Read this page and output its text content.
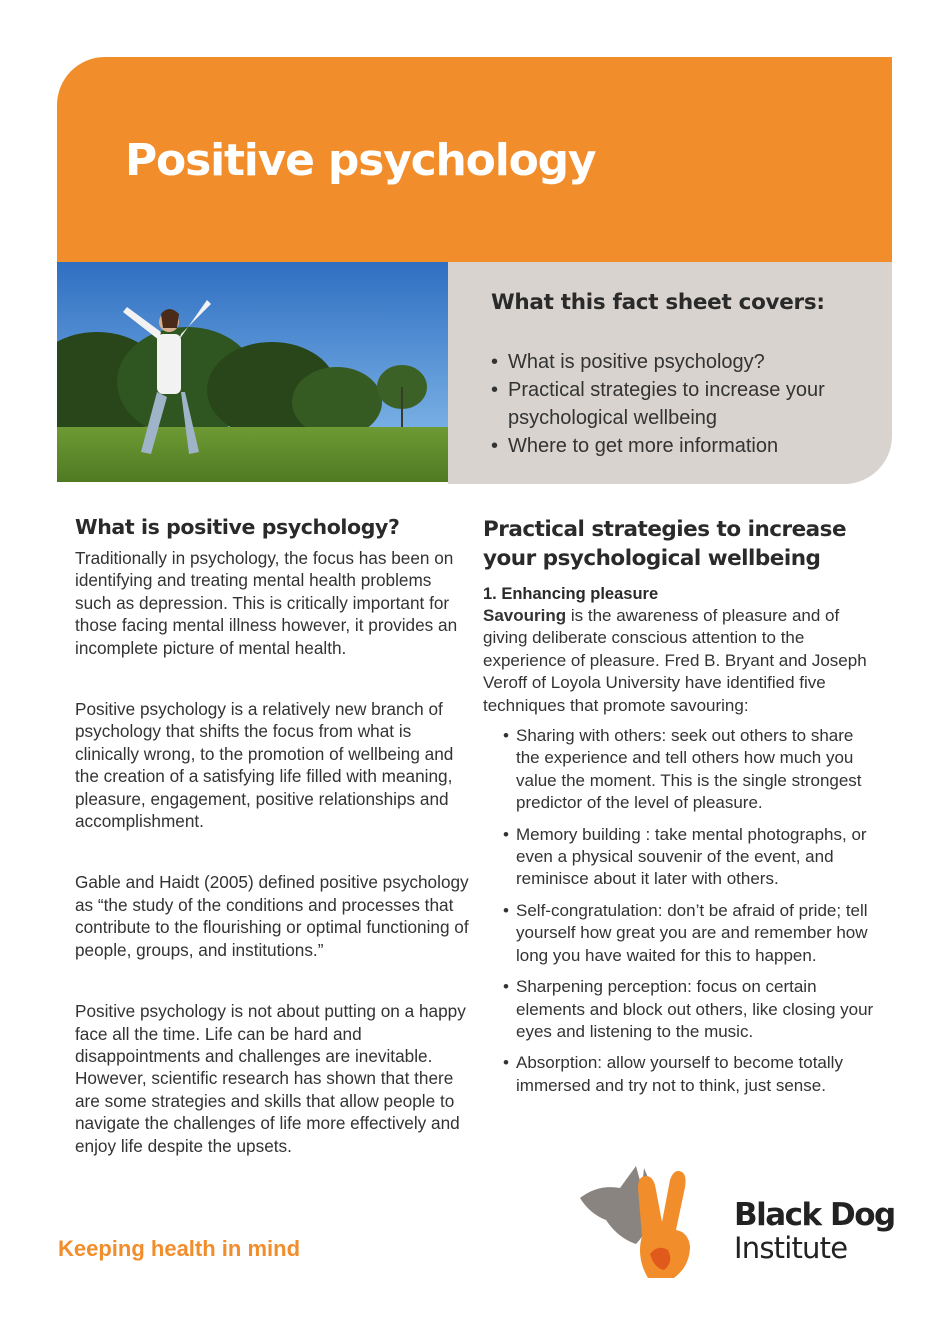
Positive psychology
What this fact sheet covers:
• What is positive psychology?
• Practical strategies to increase your psychological wellbeing
• Where to get more information
What is positive psychology?

Traditionally in psychology, the focus has been on identifying and treating mental health problems such as depression. This is critically important for those facing mental illness however, it provides an incomplete picture of mental health.

Positive psychology is a relatively new branch of psychology that shifts the focus from what is clinically wrong, to the promotion of wellbeing and the creation of a satisfying life filled with meaning, pleasure, engagement, positive relationships and accomplishment.

Gable and Haidt (2005) defined positive psychology as “the study of the conditions and processes that contribute to the flourishing or optimal functioning of people, groups, and institutions.”

Positive psychology is not about putting on a happy face all the time. Life can be hard and disappointments and challenges are inevitable. However, scientific research has shown that there are some strategies and skills that allow people to navigate the challenges of life more effectively and enjoy life despite the upsets.

Practical strategies to increase your psychological wellbeing
1. Enhancing pleasure

Savouring is the awareness of pleasure and of giving deliberate conscious attention to the experience of pleasure. Fred B. Bryant and Joseph Veroff of Loyola University have identified five techniques that promote savouring:

• Sharing with others: seek out others to share the experience and tell others how much you value the moment. This is the single strongest predictor of the level of pleasure.
• Memory building : take mental photographs, or even a physical souvenir of the event, and reminisce about it later with others.
• Self-congratulation: don’t be afraid of pride; tell yourself how great you are and remember how long you have waited for this to happen.
• Sharpening perception: focus on certain elements and block out others, like closing your eyes and listening to the music.
• Absorption: allow yourself to become totally immersed and try not to think, just sense.
Keeping health in mind
Black Dog
Institute
